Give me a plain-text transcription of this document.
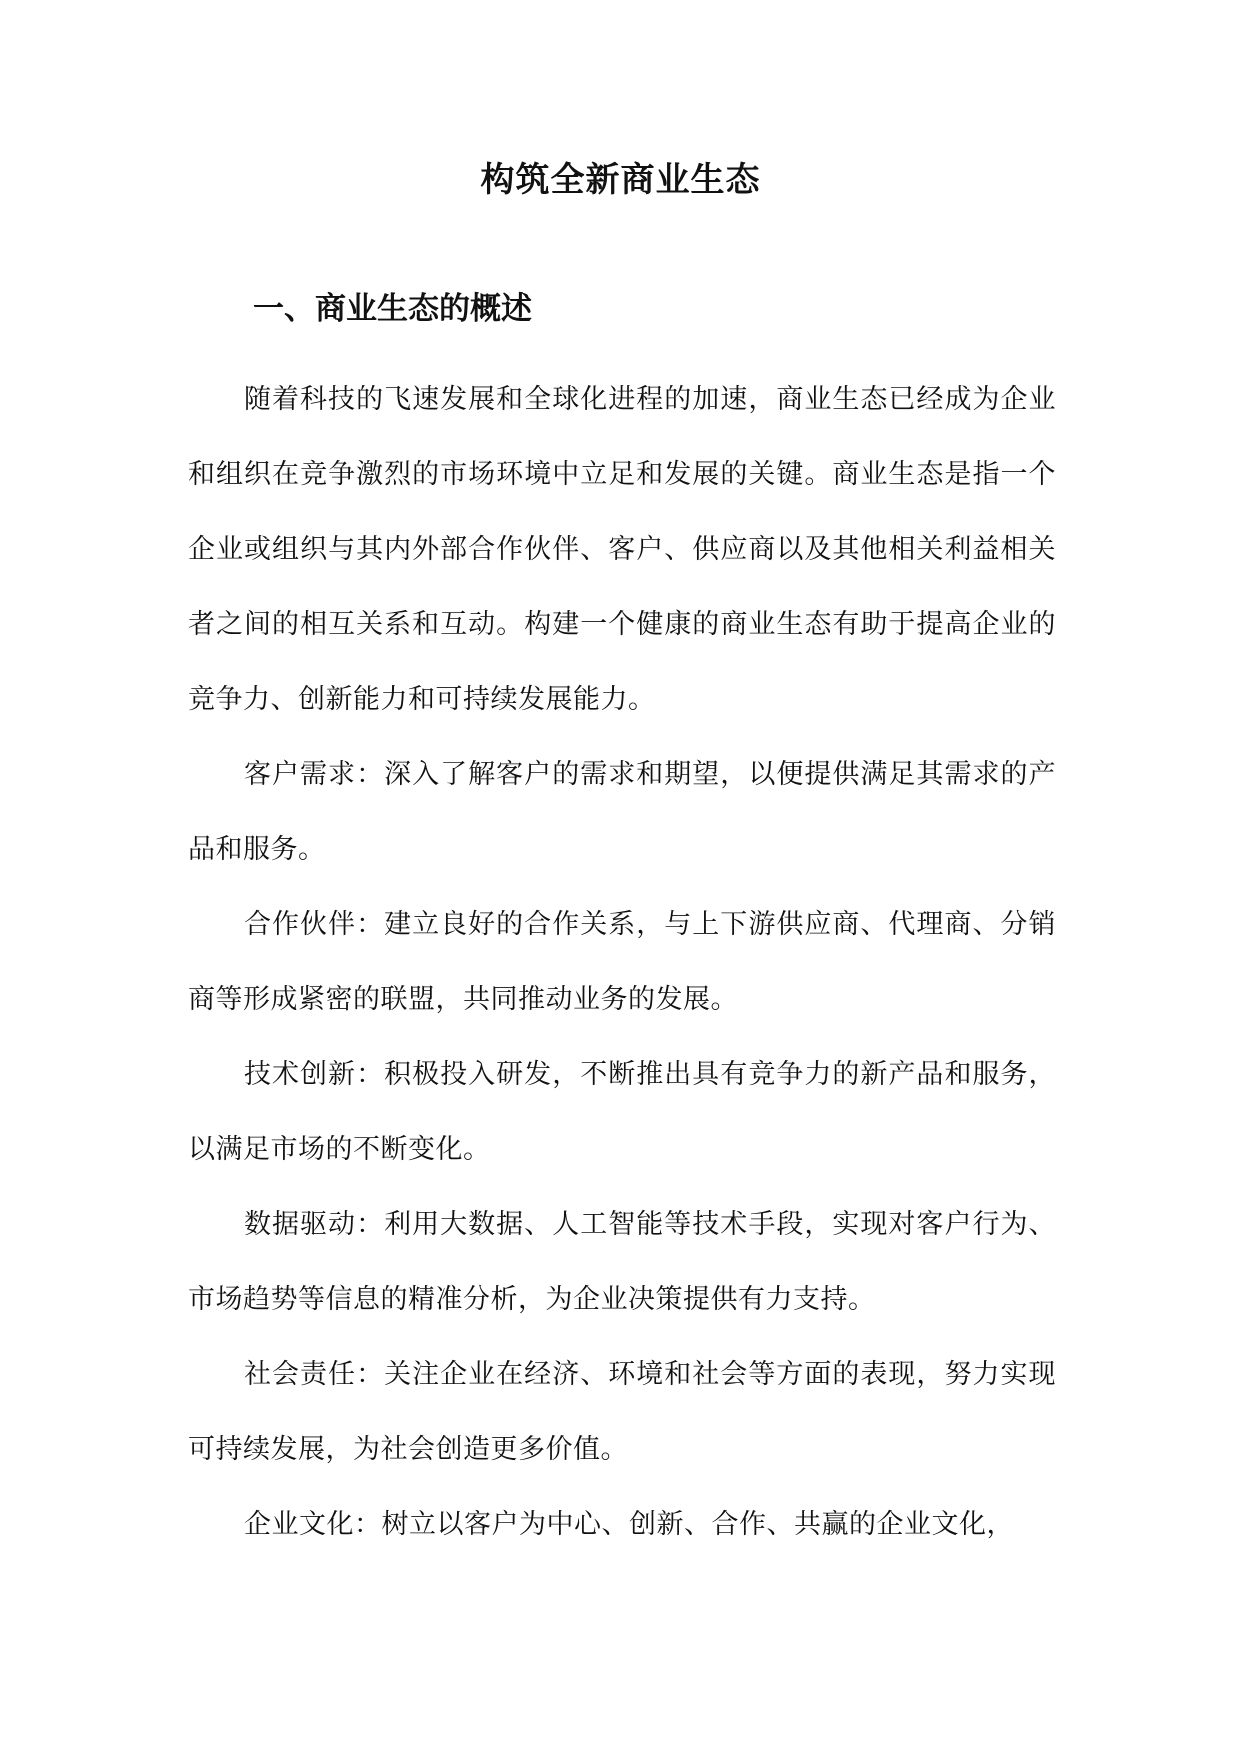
构筑全新商业生态
一、商业生态的概述

随着科技的飞速发展和全球化进程的加速，商业生态已经成为企业和组织在竞争激烈的市场环境中立足和发展的关键。商业生态是指一个企业或组织与其内外部合作伙伴、客户、供应商以及其他相关利益相关者之间的相互关系和互动。构建一个健康的商业生态有助于提高企业的竞争力、创新能力和可持续发展能力。

客户需求：深入了解客户的需求和期望，以便提供满足其需求的产品和服务。

合作伙伴：建立良好的合作关系，与上下游供应商、代理商、分销商等形成紧密的联盟，共同推动业务的发展。

技术创新：积极投入研发，不断推出具有竞争力的新产品和服务，以满足市场的不断变化。

数据驱动：利用大数据、人工智能等技术手段，实现对客户行为、市场趋势等信息的精准分析，为企业决策提供有力支持。

社会责任：关注企业在经济、环境和社会等方面的表现，努力实现可持续发展，为社会创造更多价值。

企业文化：树立以客户为中心、创新、合作、共赢的企业文化，
